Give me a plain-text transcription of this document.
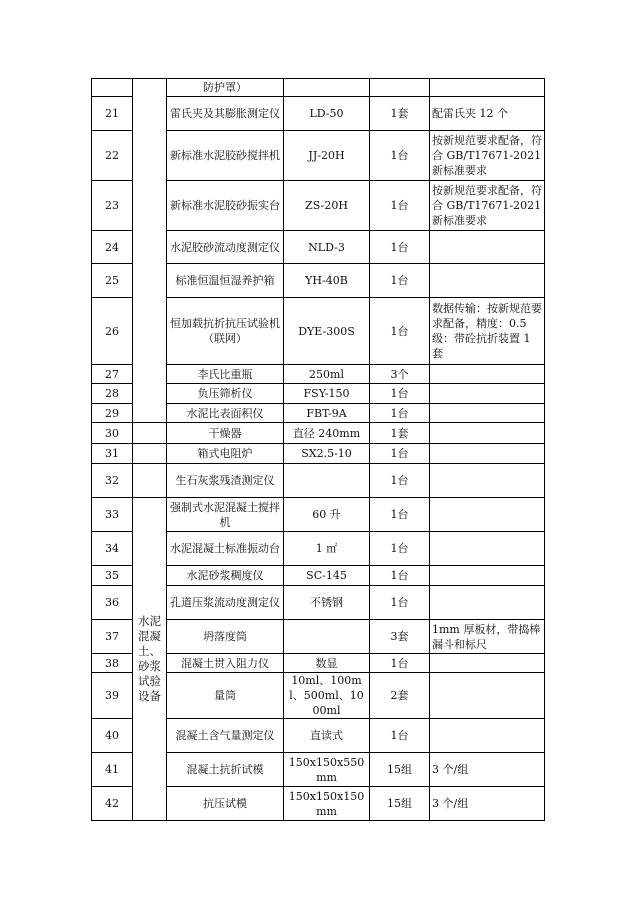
		防护罩）			
21		雷氏夹及其膨胀测定仪	LD-50	1套	配雷氏夹 12 个
22		新标准水泥胶砂搅拌机	JJ-20H	1台	按新规范要求配备，符合 GB/T17671-2021 新标准要求
23		新标准水泥胶砂振实台	ZS-20H	1台	按新规范要求配备，符合 GB/T17671-2021 新标准要求
24		水泥胶砂流动度测定仪	NLD-3	1台	
25		标准恒温恒湿养护箱	YH-40B	1台	
26		恒加载抗折抗压试验机（联网）	DYE-300S	1台	数据传输：按新规范要求配备，精度：0.5 级：带砼抗折装置 1 套
27		李氏比重瓶	250ml	3个	
28		负压筛析仪	FSY-150	1台	
29		水泥比表面积仪	FBT-9A	1台	
30		干燥器	直径 240mm	1套	
31		箱式电阻炉	SX2.5-10	1台	
32		生石灰浆残渣测定仪		1台	
33	水泥混凝土、砂浆试验设备	强制式水泥混凝土搅拌机	60 升	1台	
34		水泥混凝土标准振动台	1 ㎡	1台	
35		水泥砂浆稠度仪	SC-145	1台	
36		孔道压浆流动度测定仪	不锈钢	1台	
37		坍落度筒		3套	1mm 厚板材，带捣棒漏斗和标尺
38		混凝土贯入阻力仪	数显	1台	
39		量筒	10ml、100ml、500ml、1000ml	2套	
40		混凝土含气量测定仪	直读式	1台	
41		混凝土抗折试模	150x150x550mm	15组	3 个/组
42		抗压试模	150x150x150mm	15组	3 个/组
